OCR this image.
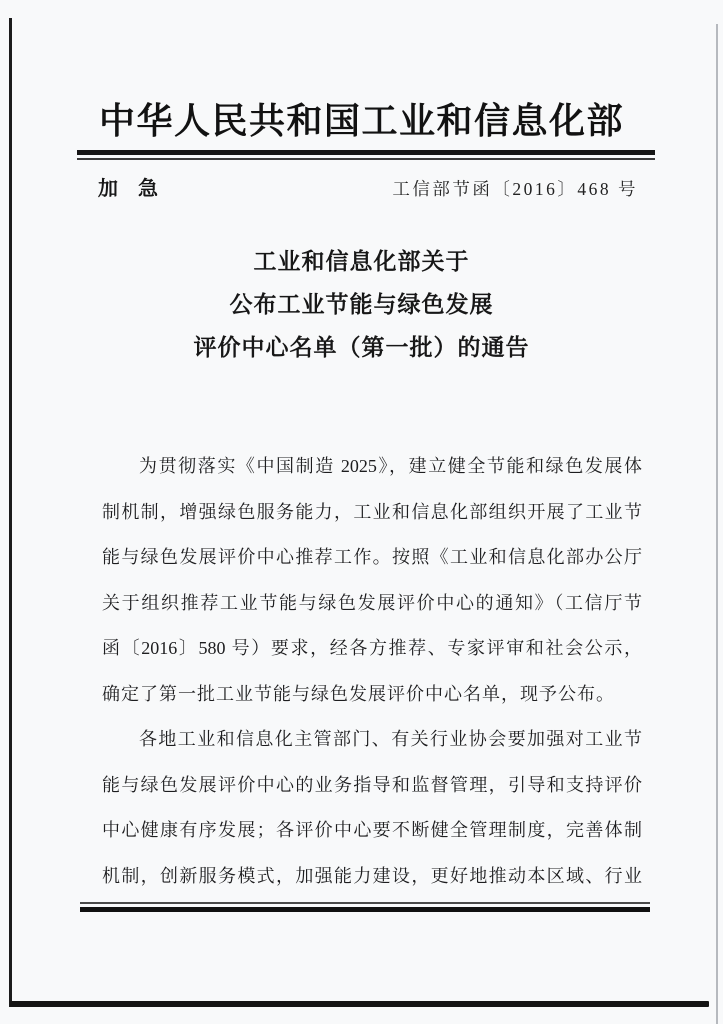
中华人民共和国工业和信息化部
加　急	工信部节函〔2016〕468 号
工业和信息化部关于
公布工业节能与绿色发展
评价中心名单（第一批）的通告
为贯彻落实《中国制造 2025》，建立健全节能和绿色发展体
制机制，增强绿色服务能力，工业和信息化部组织开展了工业节
能与绿色发展评价中心推荐工作。按照《工业和信息化部办公厅
关于组织推荐工业节能与绿色发展评价中心的通知》（工信厅节
函〔2016〕580 号）要求，经各方推荐、专家评审和社会公示，
确定了第一批工业节能与绿色发展评价中心名单，现予公布。
各地工业和信息化主管部门、有关行业协会要加强对工业节
能与绿色发展评价中心的业务指导和监督管理，引导和支持评价
中心健康有序发展；各评价中心要不断健全管理制度，完善体制
机制，创新服务模式，加强能力建设，更好地推动本区域、行业
